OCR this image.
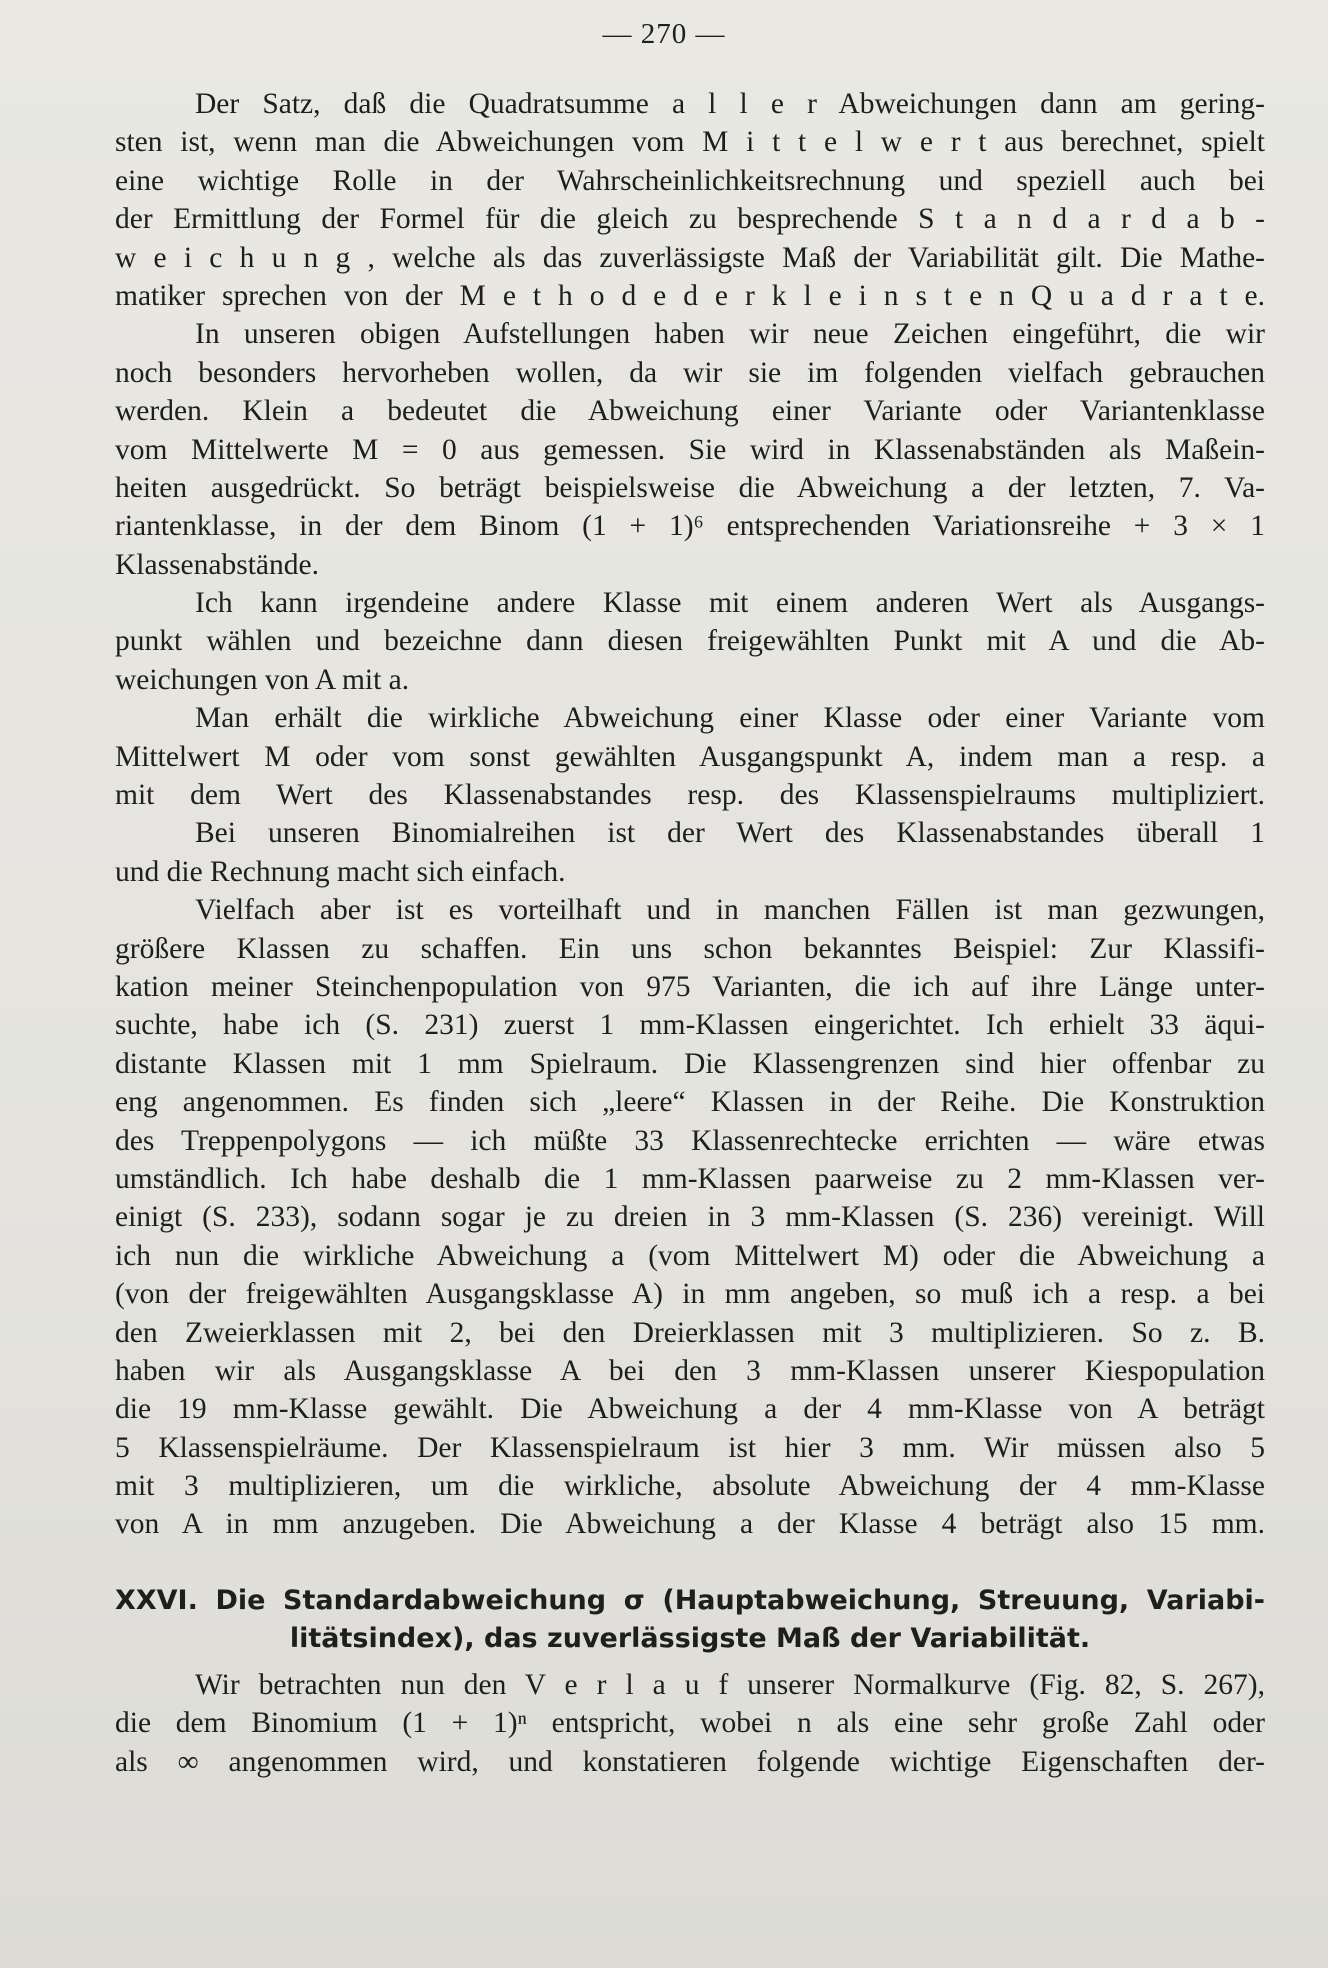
— 270 —
Der Satz, daß die Quadratsumme a l l e r Abweichungen dann am gering-
sten ist, wenn man die Abweichungen vom M i t t e l w e r t aus berechnet, spielt
eine wichtige Rolle in der Wahrscheinlichkeitsrechnung und speziell auch bei
der Ermittlung der Formel für die gleich zu besprechende S t a n d a r d a b -
w e i c h u n g , welche als das zuverlässigste Maß der Variabilität gilt. Die Mathe-
matiker sprechen von der M e t h o d e d e r k l e i n s t e n Q u a d r a t e.
In unseren obigen Aufstellungen haben wir neue Zeichen eingeführt, die wir
noch besonders hervorheben wollen, da wir sie im folgenden vielfach gebrauchen
werden. Klein a bedeutet die Abweichung einer Variante oder Variantenklasse
vom Mittelwerte M = 0 aus gemessen. Sie wird in Klassenabständen als Maßein-
heiten ausgedrückt. So beträgt beispielsweise die Abweichung a der letzten, 7. Va-
riantenklasse, in der dem Binom (1 + 1)⁶ entsprechenden Variationsreihe + 3 × 1
Klassenabstände.
Ich kann irgendeine andere Klasse mit einem anderen Wert als Ausgangs-
punkt wählen und bezeichne dann diesen freigewählten Punkt mit A und die Ab-
weichungen von A mit a.
Man erhält die wirkliche Abweichung einer Klasse oder einer Variante vom
Mittelwert M oder vom sonst gewählten Ausgangspunkt A, indem man a resp. a
mit dem Wert des Klassenabstandes resp. des Klassenspielraums multipliziert.
Bei unseren Binomialreihen ist der Wert des Klassenabstandes überall 1
und die Rechnung macht sich einfach.
Vielfach aber ist es vorteilhaft und in manchen Fällen ist man gezwungen,
größere Klassen zu schaffen. Ein uns schon bekanntes Beispiel: Zur Klassifi-
kation meiner Steinchenpopulation von 975 Varianten, die ich auf ihre Länge unter-
suchte, habe ich (S. 231) zuerst 1 mm-Klassen eingerichtet. Ich erhielt 33 äqui-
distante Klassen mit 1 mm Spielraum. Die Klassengrenzen sind hier offenbar zu
eng angenommen. Es finden sich „leere“ Klassen in der Reihe. Die Konstruktion
des Treppenpolygons — ich müßte 33 Klassenrechtecke errichten — wäre etwas
umständlich. Ich habe deshalb die 1 mm-Klassen paarweise zu 2 mm-Klassen ver-
einigt (S. 233), sodann sogar je zu dreien in 3 mm-Klassen (S. 236) vereinigt. Will
ich nun die wirkliche Abweichung a (vom Mittelwert M) oder die Abweichung a
(von der freigewählten Ausgangsklasse A) in mm angeben, so muß ich a resp. a bei
den Zweierklassen mit 2, bei den Dreierklassen mit 3 multiplizieren. So z. B.
haben wir als Ausgangsklasse A bei den 3 mm-Klassen unserer Kiespopulation
die 19 mm-Klasse gewählt. Die Abweichung a der 4 mm-Klasse von A beträgt
5 Klassenspielräume. Der Klassenspielraum ist hier 3 mm. Wir müssen also 5
mit 3 multiplizieren, um die wirkliche, absolute Abweichung der 4 mm-Klasse
von A in mm anzugeben. Die Abweichung a der Klasse 4 beträgt also 15 mm.
XXVI. Die Standardabweichung σ (Hauptabweichung, Streuung, Variabi-
litätsindex), das zuverlässigste Maß der Variabilität.
Wir betrachten nun den V e r l a u f unserer Normalkurve (Fig. 82, S. 267),
die dem Binomium (1 + 1)ⁿ entspricht, wobei n als eine sehr große Zahl oder
als ∞ angenommen wird, und konstatieren folgende wichtige Eigenschaften der-
